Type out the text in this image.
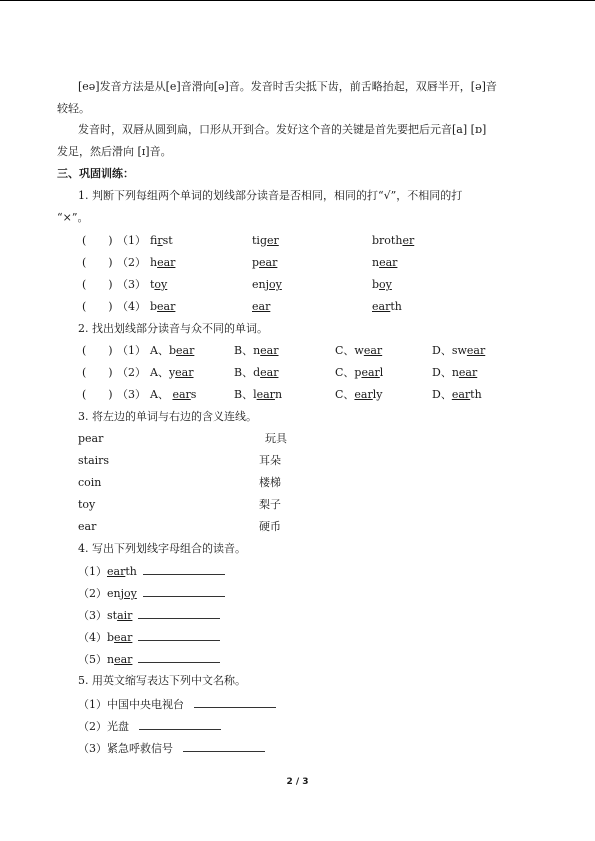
[eə]发音方法是从[e]音滑向[ə]音。发音时舌尖抵下齿，前舌略抬起，双唇半开，[ə]音
较轻。
发音时，双唇从圆到扁，口形从开到合。发好这个音的关键是首先要把后元音[a] [ɒ]
发足，然后滑向 [ɪ]音。
三、巩固训练：
1. 判断下列每组两个单词的划线部分读音是否相同，相同的打“√”，不相同的打
“×”。
(　　) （1） first	tiger	brother
(　　) （2） hear	pear	near
(　　) （3） toy	enjoy	boy
(　　) （4） bear	ear	earth
2. 找出划线部分读音与众不同的单词。
(　　) （1） A、bear	B、near	C、wear	D、swear
(　　) （2） A、year	B、dear	C、pearl	D、near
(　　) （3） A、 ears	B、learn	C、early	D、earth
3. 将左边的单词与右边的含义连线。
pear	玩具
stairs	耳朵
coin	楼梯
toy	梨子
ear	硬币
4. 写出下列划线字母组合的读音。
（1）earth
（2）enjoy
（3）stair
（4）bear
（5）near
5. 用英文缩写表达下列中文名称。
（1）中国中央电视台
（2）光盘
（3）紧急呼救信号
2 / 3
